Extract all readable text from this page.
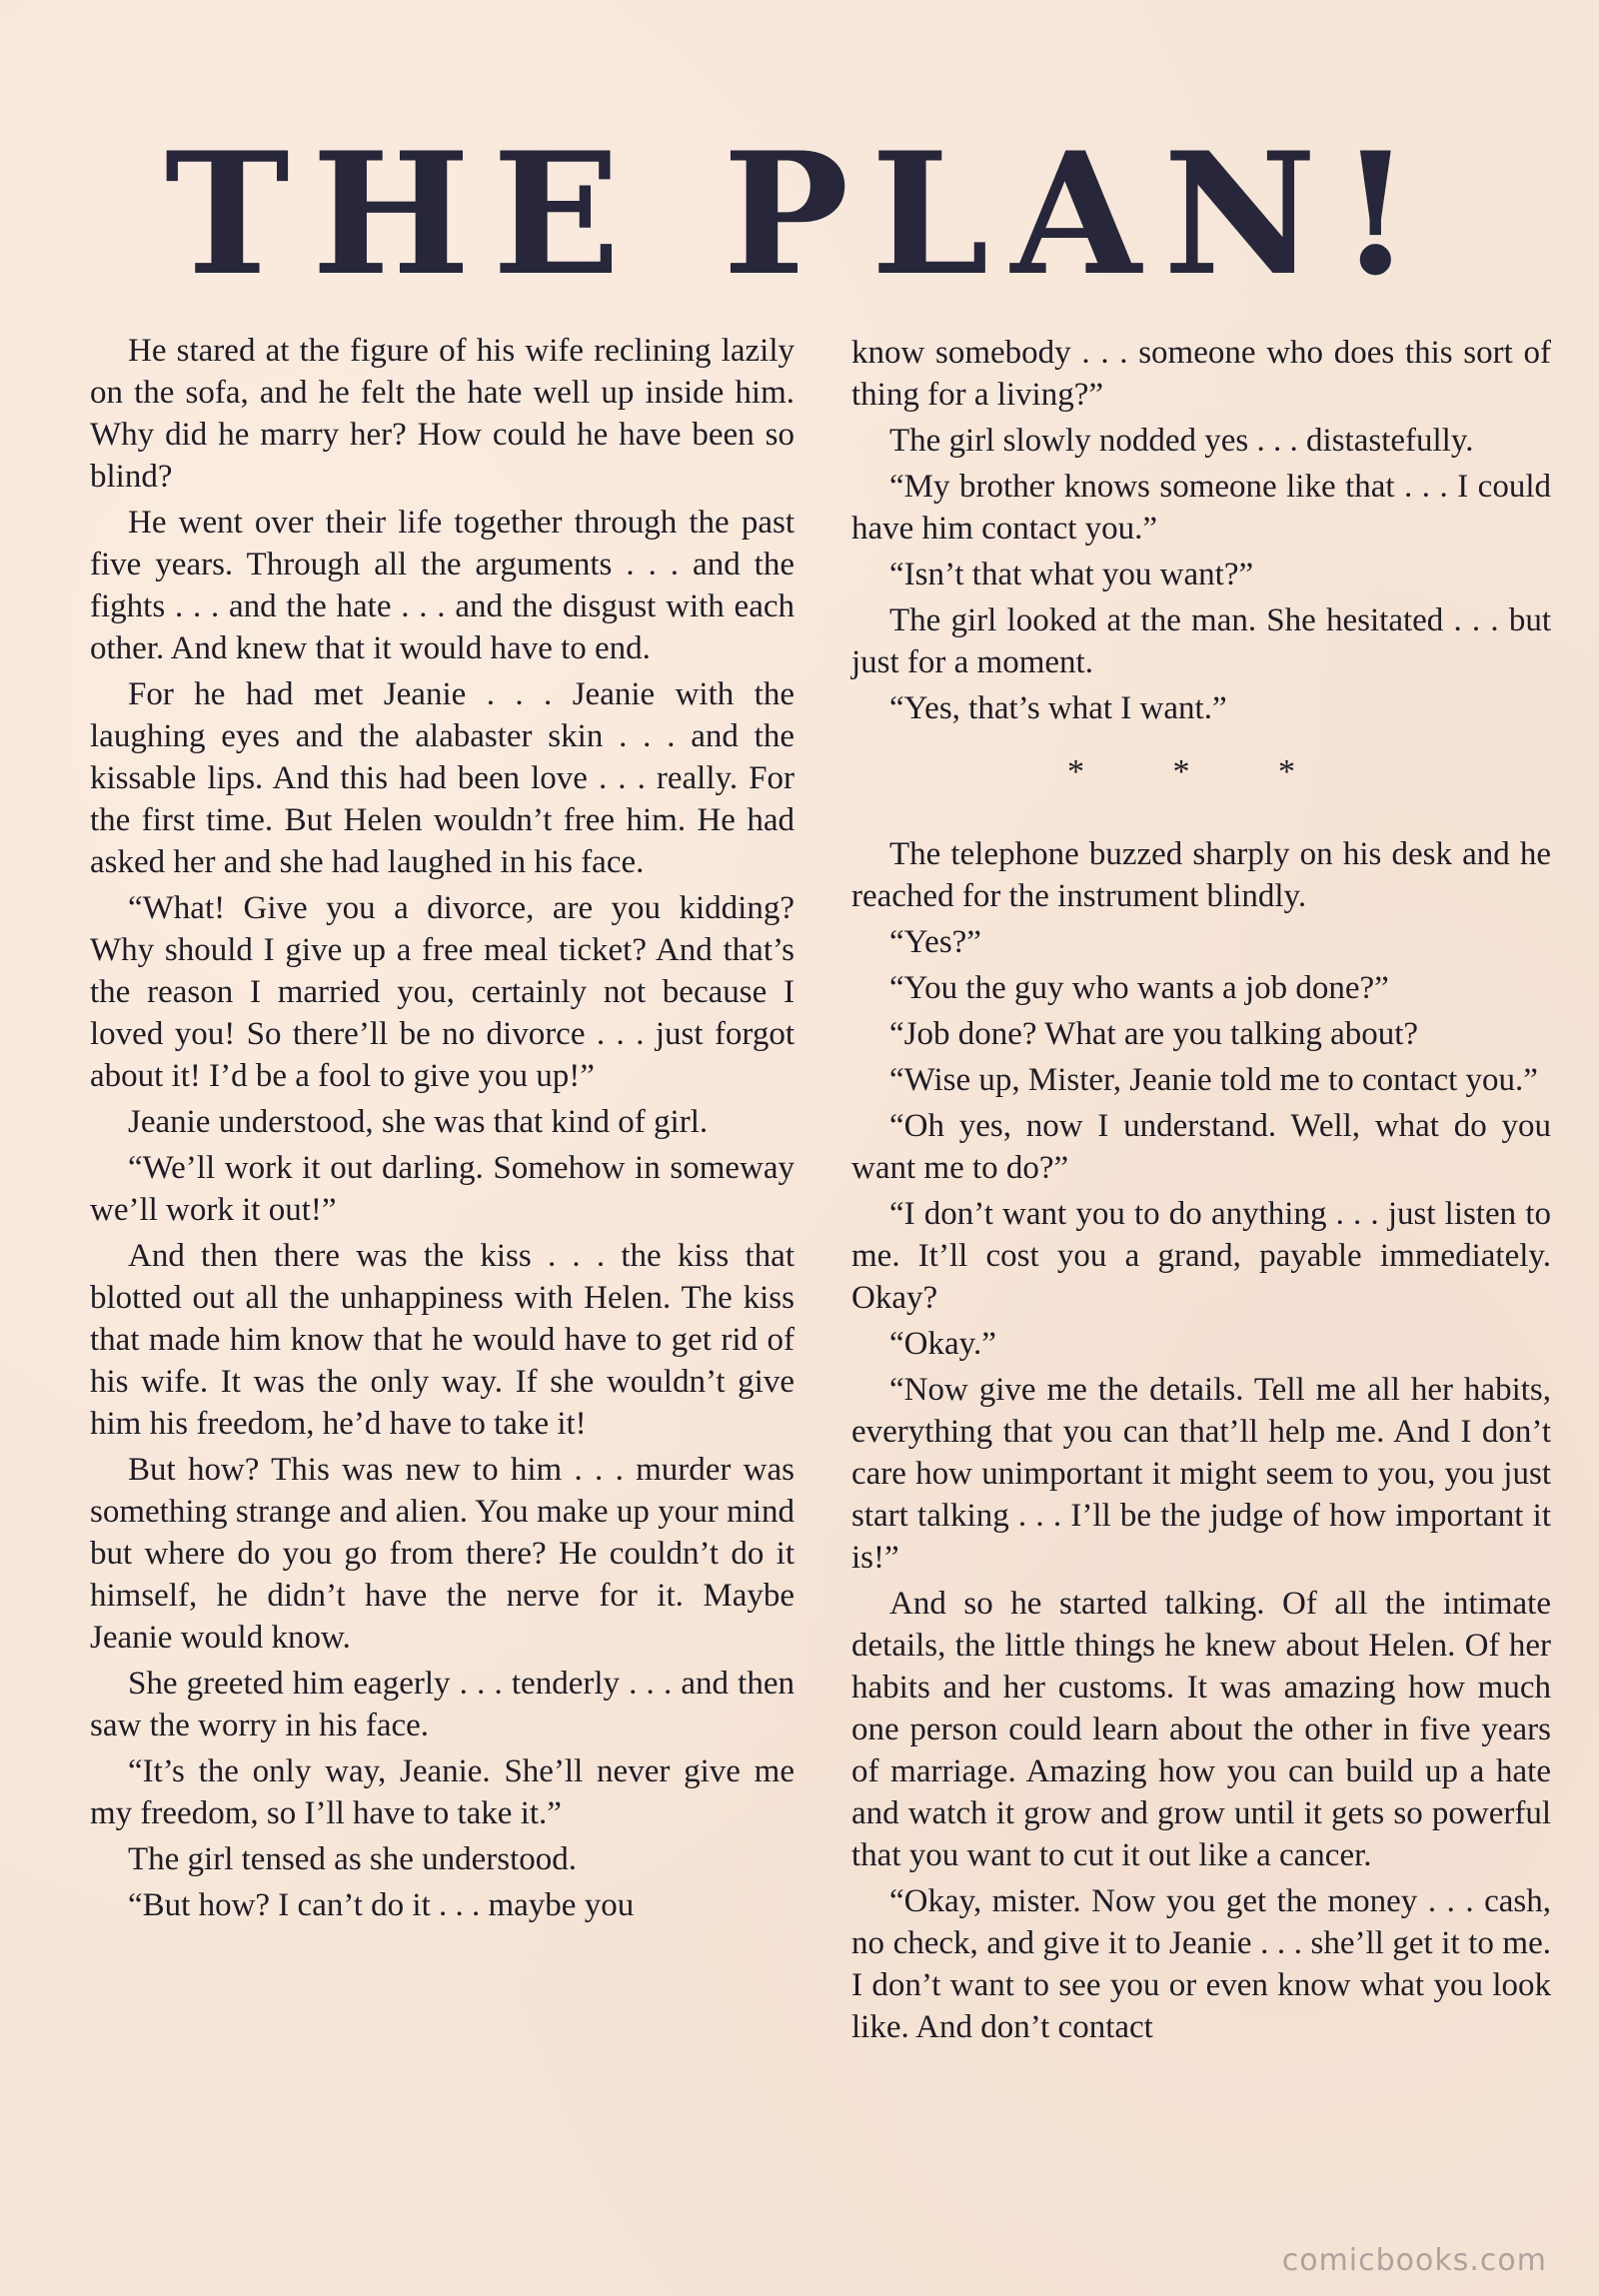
THE PLAN!

He stared at the figure of his wife reclining lazily on the sofa, and he felt the hate well up inside him. Why did he marry her? How could he have been so blind?

He went over their life together through the past five years. Through all the arguments . . . and the fights . . . and the hate . . . and the disgust with each other. And knew that it would have to end.

For he had met Jeanie . . . Jeanie with the laughing eyes and the alabaster skin . . . and the kissable lips. And this had been love . . . really. For the first time. But Helen wouldn’t free him. He had asked her and she had laughed in his face.

“What! Give you a divorce, are you kidding? Why should I give up a free meal ticket? And that’s the reason I married you, certainly not because I loved you! So there’ll be no divorce . . . just forgot about it! I’d be a fool to give you up!”

Jeanie understood, she was that kind of girl.

“We’ll work it out darling. Somehow in someway we’ll work it out!”

And then there was the kiss . . . the kiss that blotted out all the unhappiness with Helen. The kiss that made him know that he would have to get rid of his wife. It was the only way. If she wouldn’t give him his freedom, he’d have to take it!

But how? This was new to him . . . murder was something strange and alien. You make up your mind but where do you go from there? He couldn’t do it himself, he didn’t have the nerve for it. Maybe Jeanie would know.

She greeted him eagerly . . . tenderly . . . and then saw the worry in his face.

“It’s the only way, Jeanie. She’ll never give me my freedom, so I’ll have to take it.”

The girl tensed as she understood.

“But how? I can’t do it . . . maybe you

know somebody . . . someone who does this sort of thing for a living?”

The girl slowly nodded yes . . . distastefully.

“My brother knows someone like that . . . I could have him contact you.”

“Isn’t that what you want?”

The girl looked at the man. She hesitated . . . but just for a moment.

“Yes, that’s what I want.”

* * *

The telephone buzzed sharply on his desk and he reached for the instrument blindly.

“Yes?”

“You the guy who wants a job done?”

“Job done? What are you talking about?

“Wise up, Mister, Jeanie told me to contact you.”

“Oh yes, now I understand. Well, what do you want me to do?”

“I don’t want you to do anything . . . just listen to me. It’ll cost you a grand, payable immediately. Okay?

“Okay.”

“Now give me the details. Tell me all her habits, everything that you can that’ll help me. And I don’t care how unimportant it might seem to you, you just start talking . . . I’ll be the judge of how important it is!”

And so he started talking. Of all the intimate details, the little things he knew about Helen. Of her habits and her customs. It was amazing how much one person could learn about the other in five years of marriage. Amazing how you can build up a hate and watch it grow and grow until it gets so powerful that you want to cut it out like a cancer.

“Okay, mister. Now you get the money . . . cash, no check, and give it to Jeanie . . . she’ll get it to me. I don’t want to see you or even know what you look like. And don’t contact

comicbooks.com
